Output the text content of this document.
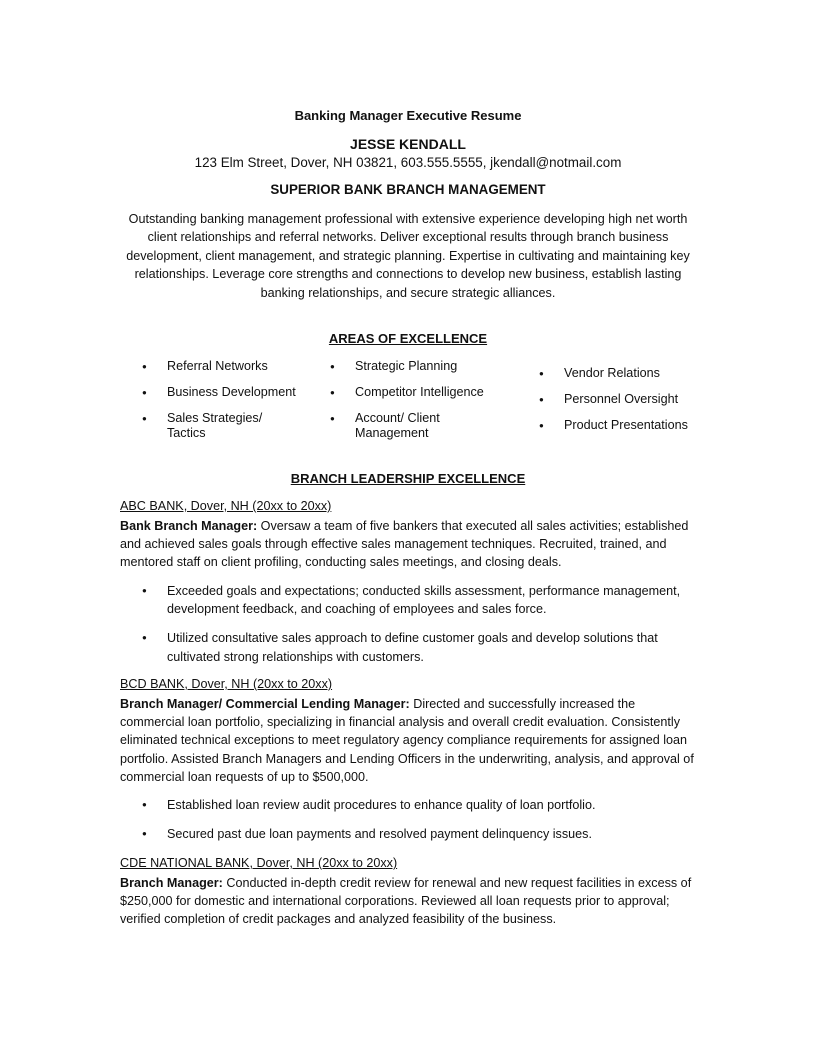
Banking Manager Executive Resume
JESSE KENDALL
123 Elm Street, Dover, NH 03821, 603.555.5555, jkendall@notmail.com
SUPERIOR BANK BRANCH MANAGEMENT
Outstanding banking management professional with extensive experience developing high net worth client relationships and referral networks. Deliver exceptional results through branch business development, client management, and strategic planning. Expertise in cultivating and maintaining key relationships. Leverage core strengths and connections to develop new business, establish lasting banking relationships, and secure strategic alliances.
AREAS OF EXCELLENCE
● Referral Networks
● Business Development
● Sales Strategies/ Tactics
● Strategic Planning
● Competitor Intelligence
● Account/ Client Management
● Vendor Relations
● Personnel Oversight
● Product Presentations
BRANCH LEADERSHIP EXCELLENCE
ABC BANK, Dover, NH (20xx to 20xx)
Bank Branch Manager: Oversaw a team of five bankers that executed all sales activities; established and achieved sales goals through effective sales management techniques. Recruited, trained, and mentored staff on client profiling, conducting sales meetings, and closing deals.
● Exceeded goals and expectations; conducted skills assessment, performance management, development feedback, and coaching of employees and sales force.
● Utilized consultative sales approach to define customer goals and develop solutions that cultivated strong relationships with customers.
BCD BANK, Dover, NH (20xx to 20xx)
Branch Manager/ Commercial Lending Manager: Directed and successfully increased the commercial loan portfolio, specializing in financial analysis and overall credit evaluation. Consistently eliminated technical exceptions to meet regulatory agency compliance requirements for assigned loan portfolio. Assisted Branch Managers and Lending Officers in the underwriting, analysis, and approval of commercial loan requests of up to $500,000.
● Established loan review audit procedures to enhance quality of loan portfolio.
● Secured past due loan payments and resolved payment delinquency issues.
CDE NATIONAL BANK, Dover, NH (20xx to 20xx)
Branch Manager: Conducted in-depth credit review for renewal and new request facilities in excess of $250,000 for domestic and international corporations. Reviewed all loan requests prior to approval; verified completion of credit packages and analyzed feasibility of the business.
